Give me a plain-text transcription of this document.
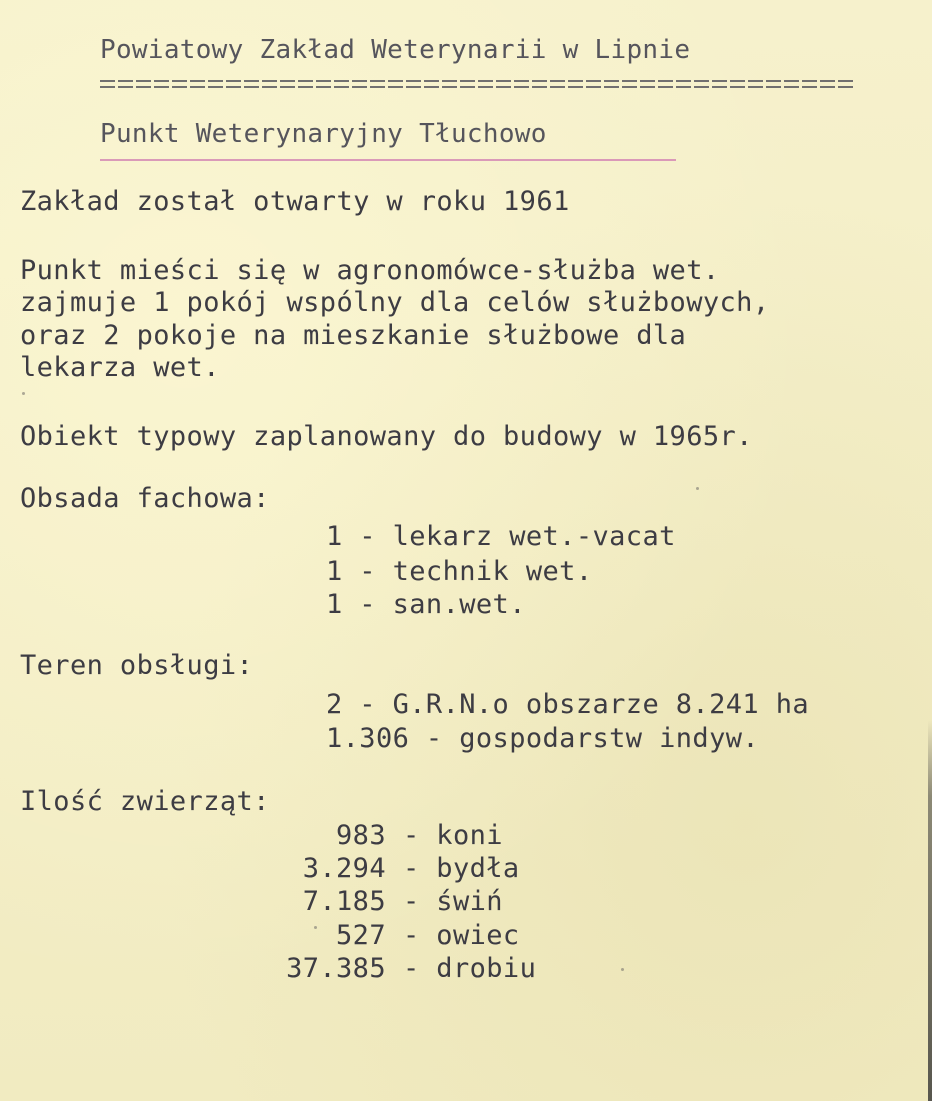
Powiatowy Zakład Weterynarii w Lipnie
Punkt Weterynaryjny Tłuchowo
Zakład został otwarty w roku 1961
Punkt mieści się w agronomówce-służba wet.
zajmuje 1 pokój wspólny dla celów służbowych,
oraz 2 pokoje na mieszkanie służbowe dla
lekarza wet.
Obiekt typowy zaplanowany do budowy w 1965r.
Obsada fachowa:
1 - lekarz wet.-vacat
1 - technik wet.
1 - san.wet.
Teren obsługi:
2 - G.R.N.o obszarze 8.241 ha
1.306 - gospodarstw indyw.
Ilość zwierząt:
983 - koni
3.294 - bydła
7.185 - świń
527 - owiec
37.385 - drobiu
